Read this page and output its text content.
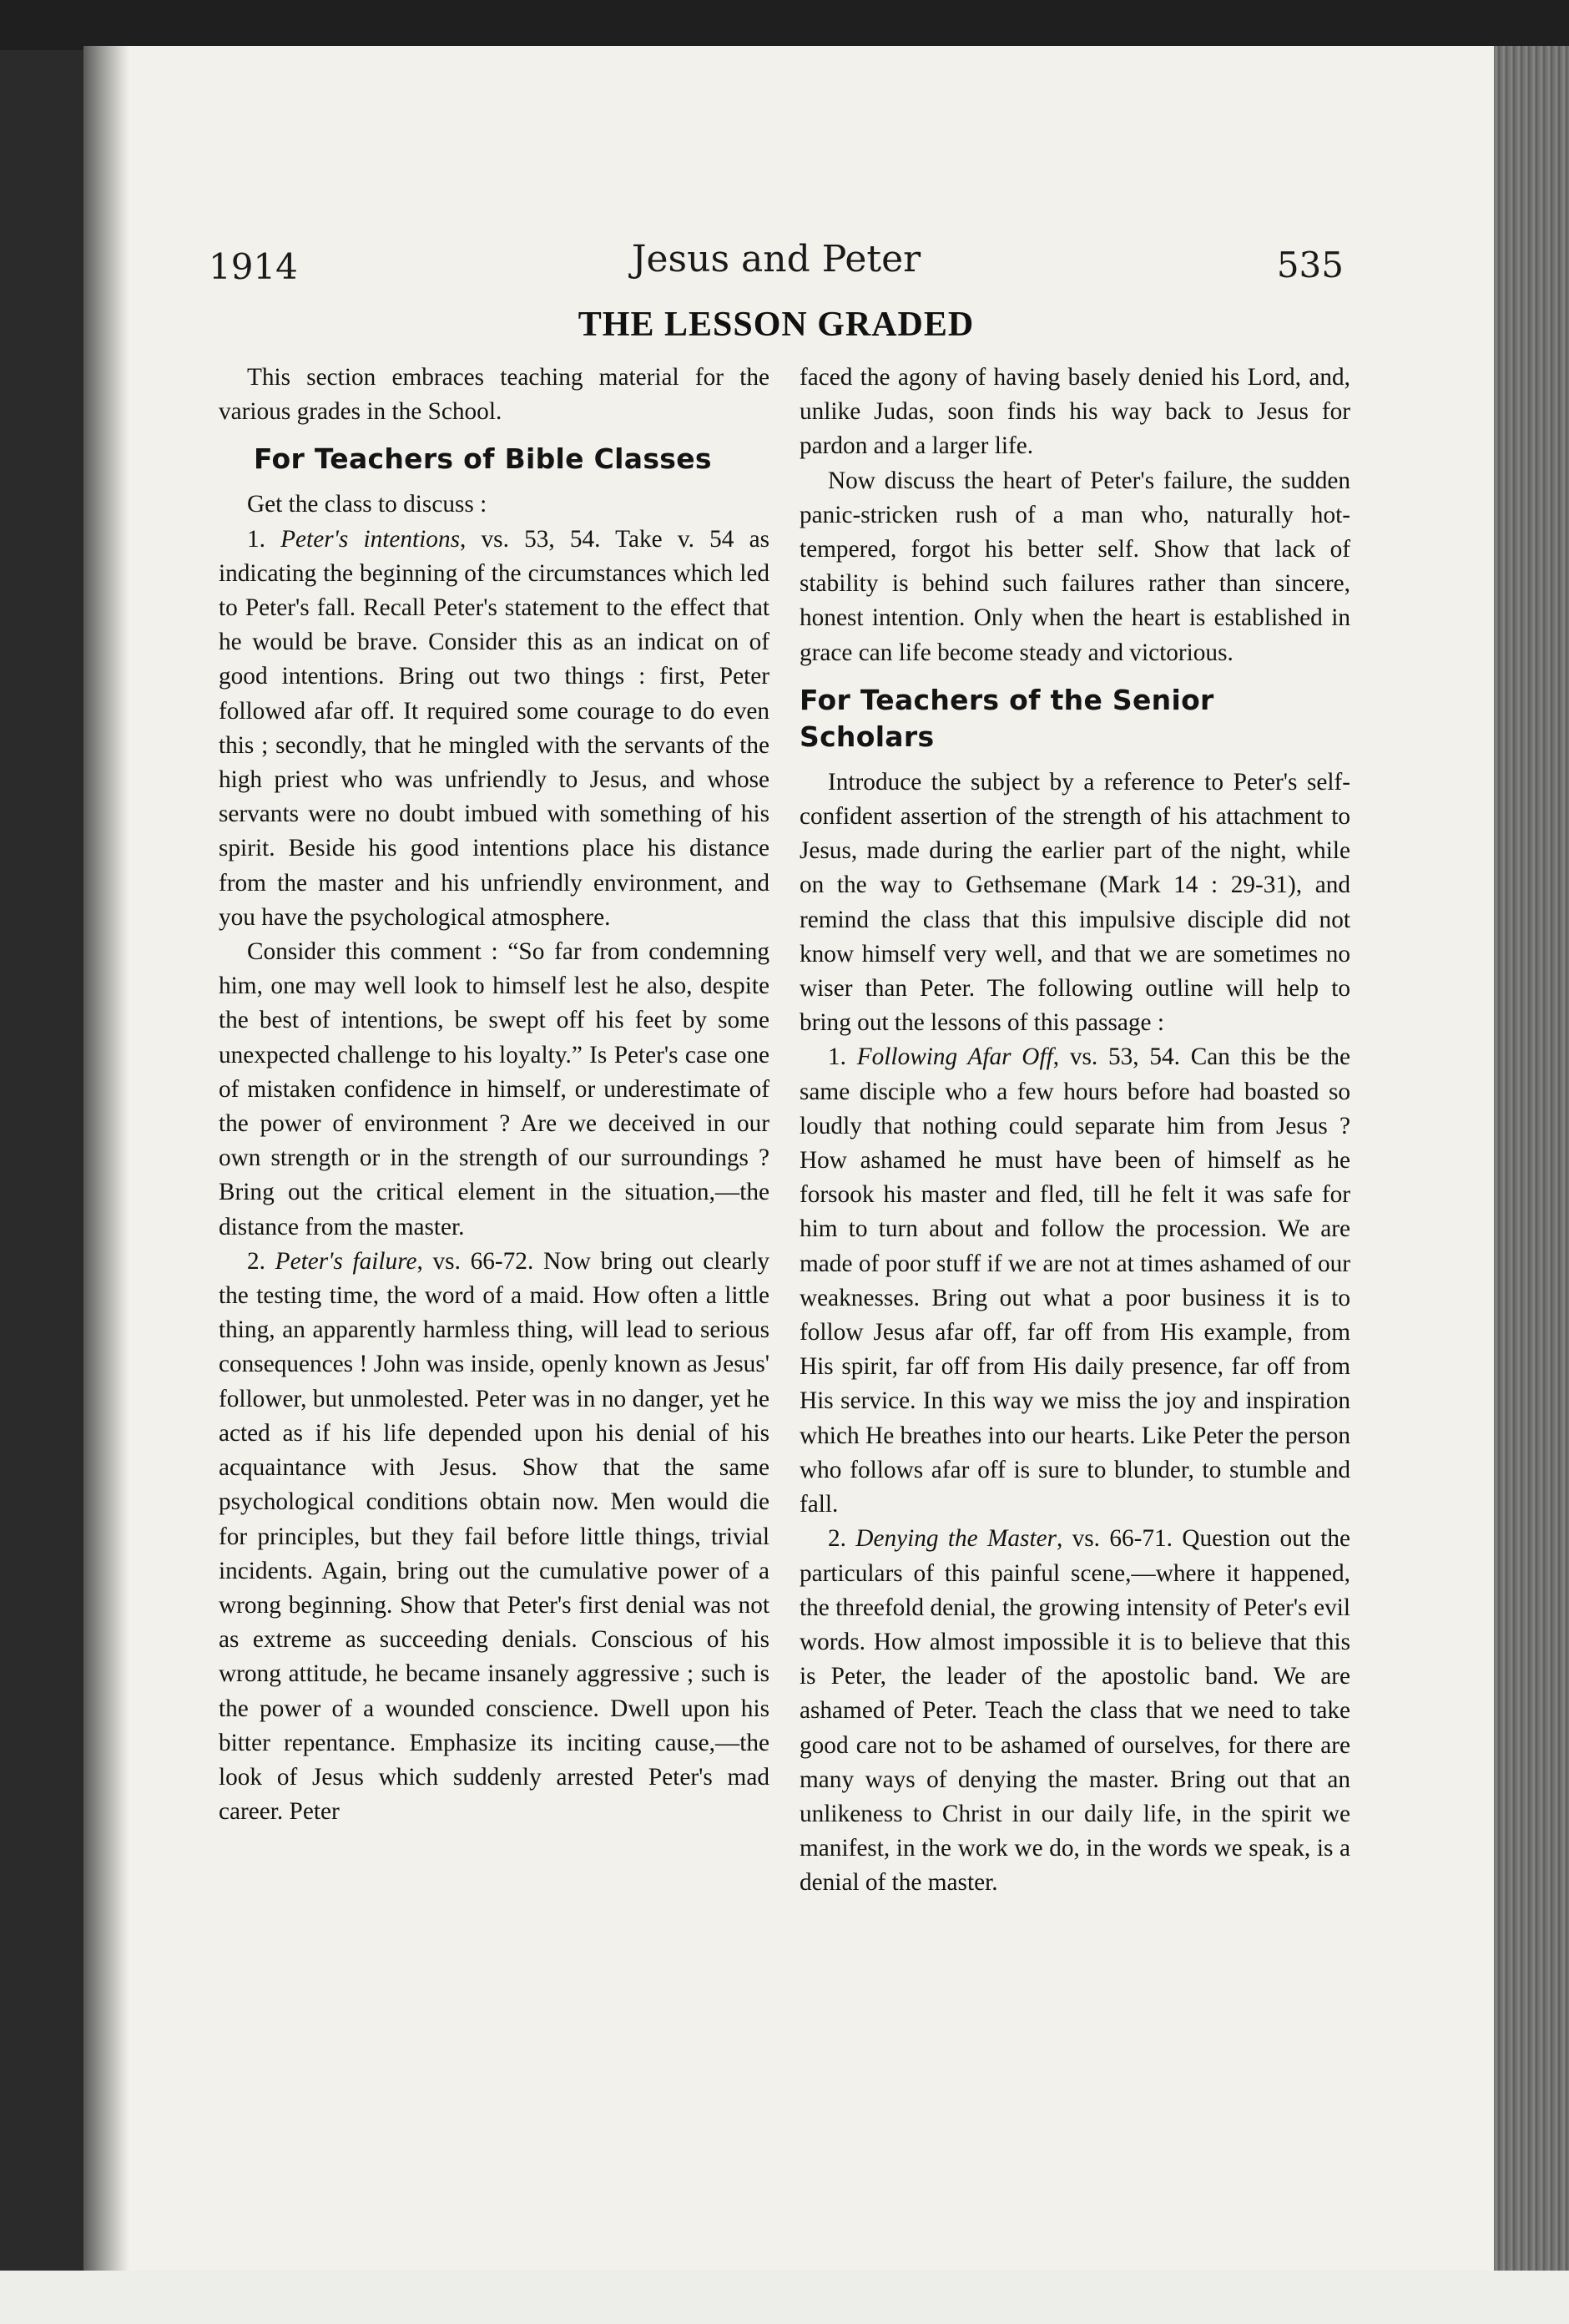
1914	Jesus and Peter	535
THE LESSON GRADED

This section embraces teaching material for the various grades in the School.

For Teachers of Bible Classes

Get the class to discuss :

1. Peter's intentions, vs. 53, 54. Take v. 54 as indicating the beginning of the circumstances which led to Peter's fall. Recall Peter's statement to the effect that he would be brave. Consider this as an indicat on of good intentions. Bring out two things : first, Peter followed afar off. It required some courage to do even this ; secondly, that he mingled with the servants of the high priest who was unfriendly to Jesus, and whose servants were no doubt imbued with something of his spirit. Beside his good intentions place his distance from the master and his unfriendly environment, and you have the psychological atmosphere.

Consider this comment : “So far from condemning him, one may well look to himself lest he also, despite the best of intentions, be swept off his feet by some unexpected challenge to his loyalty.” Is Peter's case one of mistaken confidence in himself, or underestimate of the power of environment ? Are we deceived in our own strength or in the strength of our surroundings ? Bring out the critical element in the situation,—the distance from the master.

2. Peter's failure, vs. 66-72. Now bring out clearly the testing time, the word of a maid. How often a little thing, an apparently harmless thing, will lead to serious consequences ! John was inside, openly known as Jesus' follower, but unmolested. Peter was in no danger, yet he acted as if his life depended upon his denial of his acquaintance with Jesus. Show that the same psychological conditions obtain now. Men would die for principles, but they fail before little things, trivial incidents. Again, bring out the cumulative power of a wrong beginning. Show that Peter's first denial was not as extreme as succeeding denials. Conscious of his wrong attitude, he became insanely aggressive ; such is the power of a wounded conscience. Dwell upon his bitter repentance. Emphasize its inciting cause,—the look of Jesus which suddenly arrested Peter's mad career. Peter

faced the agony of having basely denied his Lord, and, unlike Judas, soon finds his way back to Jesus for pardon and a larger life.

Now discuss the heart of Peter's failure, the sudden panic-stricken rush of a man who, naturally hot-tempered, forgot his better self. Show that lack of stability is behind such failures rather than sincere, honest intention. Only when the heart is established in grace can life become steady and victorious.

For Teachers of the Senior Scholars

Introduce the subject by a reference to Peter's self-confident assertion of the strength of his attachment to Jesus, made during the earlier part of the night, while on the way to Gethsemane (Mark 14 : 29-31), and remind the class that this impulsive disciple did not know himself very well, and that we are sometimes no wiser than Peter. The following outline will help to bring out the lessons of this passage :

1. Following Afar Off, vs. 53, 54. Can this be the same disciple who a few hours before had boasted so loudly that nothing could separate him from Jesus ? How ashamed he must have been of himself as he forsook his master and fled, till he felt it was safe for him to turn about and follow the procession. We are made of poor stuff if we are not at times ashamed of our weaknesses. Bring out what a poor business it is to follow Jesus afar off, far off from His example, from His spirit, far off from His daily presence, far off from His service. In this way we miss the joy and inspiration which He breathes into our hearts. Like Peter the person who follows afar off is sure to blunder, to stumble and fall.

2. Denying the Master, vs. 66-71. Question out the particulars of this painful scene,—where it happened, the threefold denial, the growing intensity of Peter's evil words. How almost impossible it is to believe that this is Peter, the leader of the apostolic band. We are ashamed of Peter. Teach the class that we need to take good care not to be ashamed of ourselves, for there are many ways of denying the master. Bring out that an unlikeness to Christ in our daily life, in the spirit we manifest, in the work we do, in the words we speak, is a denial of the master.
